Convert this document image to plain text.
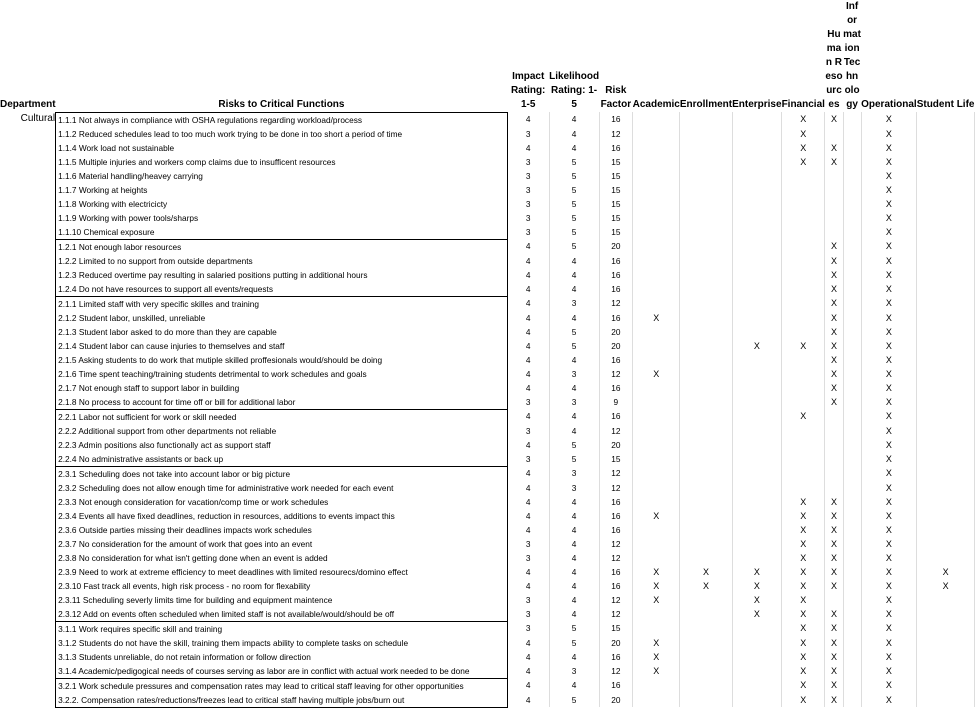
Department	Risks to Critical Functions	Impact Rating: 1-5	Likelihood Rating: 1-5	Risk Factor	Academic	Enrollment	Enterprise	Financial	Human Resources	Information Technology	Operational	Student Life
Cultural	1.1.1 Not always in compliance with OSHA regulations regarding workload/process	4	4	16				X	X		X	
	1.1.2 Reduced schedules lead to too much work trying to be done in too short a period of time	3	4	12				X			X	
	1.1.4 Work load not sustainable	4	4	16				X	X		X	
	1.1.5 Multiple injuries and workers comp claims due to insufficent resources	3	5	15				X	X		X	
	1.1.6 Material handling/heavey carrying	3	5	15							X	
	1.1.7 Working at heights	3	5	15							X	
	1.1.8 Working with electricicty	3	5	15							X	
	1.1.9 Working with power tools/sharps	3	5	15							X	
	1.1.10 Chemical exposure	3	5	15							X	
	1.2.1 Not enough labor resources	4	5	20					X		X	
	1.2.2 Limited to no support from outside departments	4	4	16					X		X	
	1.2.3 Reduced overtime pay resulting in salaried positions putting in additional hours	4	4	16					X		X	
	1.2.4 Do not have resources to support all events/requests	4	4	16					X		X	
	2.1.1 Limited staff with very specific skilles and training	4	3	12					X		X	
	2.1.2 Student labor, unskilled, unreliable	4	4	16	X				X		X	
	2.1.3 Student labor asked to do more than they are capable	4	5	20					X		X	
	2.1.4 Student labor can cause injuries to themselves and staff	4	5	20			X	X	X		X	
	2.1.5 Asking students to do work that mutiple skilled proffesionals would/should be doing	4	4	16					X		X	
	2.1.6 Time spent teaching/training students detrimental to work schedules and goals	4	3	12	X				X		X	
	2.1.7 Not enough staff to support labor in building	4	4	16					X		X	
	2.1.8 No process to account for time off or bill for additional labor	3	3	9					X		X	
	2.2.1 Labor not sufficient for work or skill needed	4	4	16				X			X	
	2.2.2 Additional support from other departments not reliable	3	4	12							X	
	2.2.3 Admin positions also functionally act as support staff	4	5	20							X	
	2.2.4 No administrative assistants or back up	3	5	15							X	
	2.3.1 Scheduling does not take into account labor or big picture	4	3	12							X	
	2.3.2 Scheduling does not allow enough time for administrative work needed for each event	4	3	12							X	
	2.3.3 Not enough consideration for vacation/comp time or work schedules	4	4	16				X	X		X	
	2.3.4 Events all have fixed deadlines, reduction in resources, additions to events impact this	4	4	16	X			X	X		X	
	2.3.6 Outside parties missing their deadlines impacts work schedules	4	4	16				X	X		X	
	2.3.7 No consideration for the amount of work that goes into an event	3	4	12				X	X		X	
	2.3.8 No consideration for what isn't getting done when an event is added	3	4	12				X	X		X	
	2.3.9 Need to work at extreme efficiency to meet deadlines with limited resourecs/domino effect	4	4	16	X	X	X	X	X		X	X
	2.3.10 Fast track all events, high risk process - no room for flexability	4	4	16	X	X	X	X	X		X	X
	2.3.11 Scheduling severly limits time for building and equipment maintence	3	4	12	X		X	X			X	
	2.3.12 Add on events often scheduled when limited staff is not available/would/should be off	3	4	12			X	X	X		X	
	3.1.1 Work requires specific skill and training	3	5	15				X	X		X	
	3.1.2 Students do not have the skill, training them impacts ability to complete tasks on schedule	4	5	20	X			X	X		X	
	3.1.3 Students unreliable, do not retain information or follow direction	4	4	16	X			X	X		X	
	3.1.4 Academic/pedigogical needs of courses serving as labor are in conflict with actual work needed to be done	4	3	12	X			X	X		X	
	3.2.1 Work schedule pressures and compensation rates may lead to critical staff leaving for other opportunities	4	4	16				X	X		X	
	3.2.2. Compensation rates/reductions/freezes lead to critical staff having multiple jobs/burn out	4	5	20				X	X		X	
